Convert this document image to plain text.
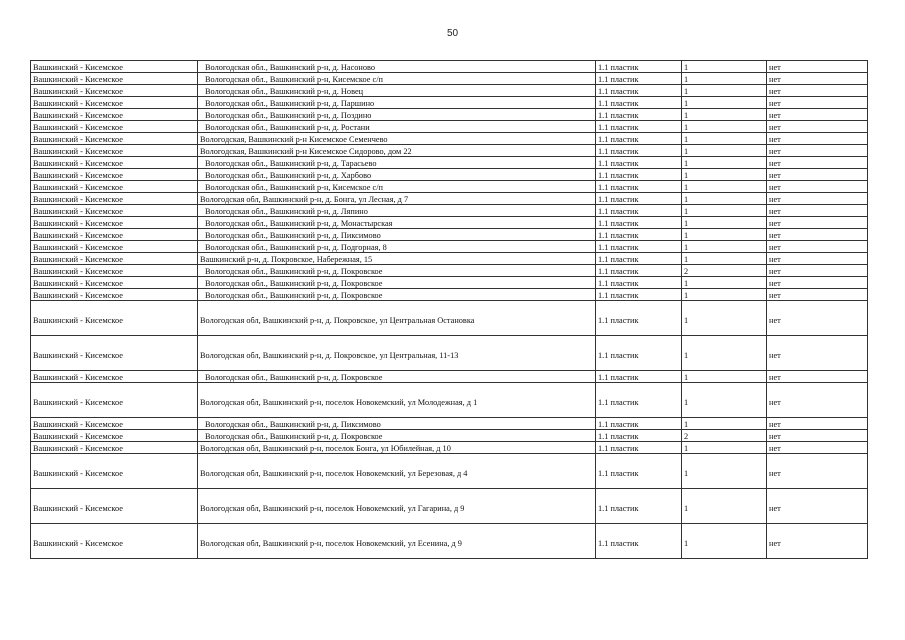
50
Вашкинский - Кисемское	Вологодская обл., Вашкинский р-н, д. Насоново	1.1 пластик	1	нет
Вашкинский - Кисемское	Вологодская обл., Вашкинский р-н, Кисемское с/п	1.1 пластик	1	нет
Вашкинский - Кисемское	Вологодская обл., Вашкинский р-н, д. Новец	1.1 пластик	1	нет
Вашкинский - Кисемское	Вологодская обл., Вашкинский р-н, д. Паршино	1.1 пластик	1	нет
Вашкинский - Кисемское	Вологодская обл., Вашкинский р-н, д. Поздино	1.1 пластик	1	нет
Вашкинский - Кисемское	Вологодская обл., Вашкинский р-н, д. Ростани	1.1 пластик	1	нет
Вашкинский - Кисемское	Вологодская, Вашкинский р-н Кисемское Семенчево	1.1 пластик	1	нет
Вашкинский - Кисемское	Вологодская, Вашкинский р-н Кисемское Сидорово, дом 22	1.1 пластик	1	нет
Вашкинский - Кисемское	Вологодская обл., Вашкинский р-н, д. Тарасьево	1.1 пластик	1	нет
Вашкинский - Кисемское	Вологодская обл., Вашкинский р-н, д. Харбово	1.1 пластик	1	нет
Вашкинский - Кисемское	Вологодская обл., Вашкинский р-н, Кисемское с/п	1.1 пластик	1	нет
Вашкинский - Кисемское	Вологодская обл, Вашкинский р-н, д. Бонга, ул Лесная, д 7	1.1 пластик	1	нет
Вашкинский - Кисемское	Вологодская обл., Вашкинский р-н, д. Ляпино	1.1 пластик	1	нет
Вашкинский - Кисемское	Вологодская обл., Вашкинский р-н, д. Монастырская	1.1 пластик	1	нет
Вашкинский - Кисемское	Вологодская обл., Вашкинский р-н, д. Пиксимово	1.1 пластик	1	нет
Вашкинский - Кисемское	Вологодская обл., Вашкинский р-н, д. Подгорная, 8	1.1 пластик	1	нет
Вашкинский - Кисемское	Вашкинский р-н, д. Покровское, Набережная, 15	1.1 пластик	1	нет
Вашкинский - Кисемское	Вологодская обл., Вашкинский р-н, д. Покровское	1.1 пластик	2	нет
Вашкинский - Кисемское	Вологодская обл., Вашкинский р-н, д. Покровское	1.1 пластик	1	нет
Вашкинский - Кисемское	Вологодская обл., Вашкинский р-н, д. Покровское	1.1 пластик	1	нет
Вашкинский - Кисемское	Вологодская обл, Вашкинский р-н, д. Покровское, ул Центральная Остановка	1.1 пластик	1	нет
Вашкинский - Кисемское	Вологодская обл, Вашкинский р-н, д. Покровское, ул Центральная, 11-13	1.1 пластик	1	нет
Вашкинский - Кисемское	Вологодская обл., Вашкинский р-н, д. Покровское	1.1 пластик	1	нет
Вашкинский - Кисемское	Вологодская обл, Вашкинский р-н, поселок Новокемский, ул Молодежная, д 1	1.1 пластик	1	нет
Вашкинский - Кисемское	Вологодская обл., Вашкинский р-н, д. Пиксимово	1.1 пластик	1	нет
Вашкинский - Кисемское	Вологодская обл., Вашкинский р-н, д. Покровское	1.1 пластик	2	нет
Вашкинский - Кисемское	Вологодская обл, Вашкинский р-н, поселок Бонга, ул Юбилейная, д 10	1.1 пластик	1	нет
Вашкинский - Кисемское	Вологодская обл, Вашкинский р-н, поселок Новокемский, ул Березовая, д 4	1.1 пластик	1	нет
Вашкинский - Кисемское	Вологодская обл, Вашкинский р-н, поселок Новокемский, ул Гагарина, д 9	1.1 пластик	1	нет
Вашкинский - Кисемское	Вологодская обл, Вашкинский р-н, поселок Новокемский, ул Есенина, д 9	1.1 пластик	1	нет
